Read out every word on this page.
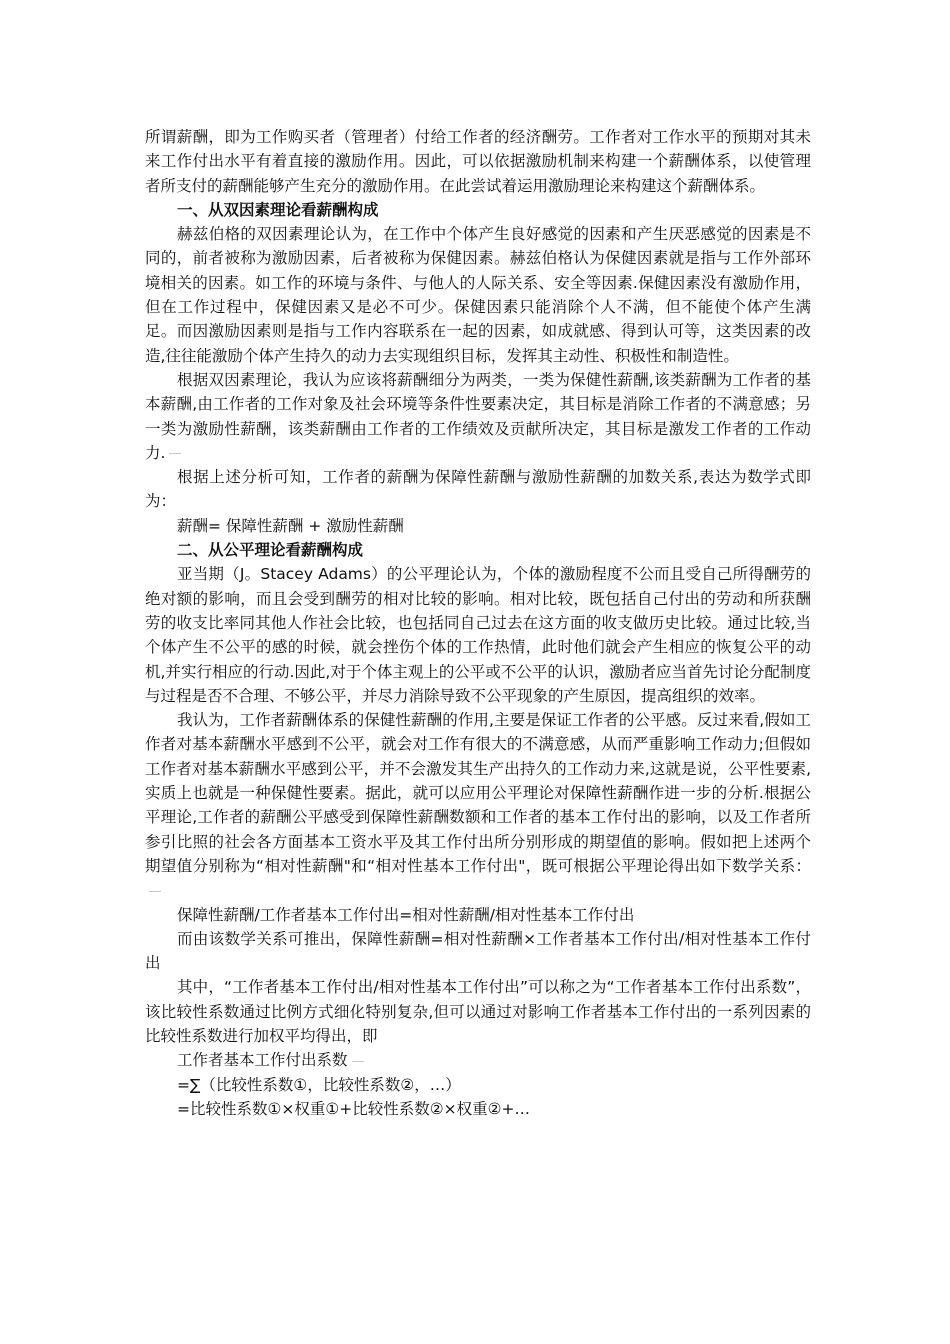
所谓薪酬，即为工作购买者（管理者）付给工作者的经济酬劳。工作者对工作水平的预期对其未来工作付出水平有着直接的激励作用。因此，可以依据激励机制来构建一个薪酬体系，以使管理者所支付的薪酬能够产生充分的激励作用。在此尝试着运用激励理论来构建这个薪酬体系。

一、从双因素理论看薪酬构成

赫兹伯格的双因素理论认为，在工作中个体产生良好感觉的因素和产生厌恶感觉的因素是不同的，前者被称为激励因素，后者被称为保健因素。赫兹伯格认为保健因素就是指与工作外部环境相关的因素。如工作的环境与条件、与他人的人际关系、安全等因素.保健因素没有激励作用，但在工作过程中，保健因素又是必不可少。保健因素只能消除个人不满，但不能使个体产生满足。而因激励因素则是指与工作内容联系在一起的因素，如成就感、得到认可等，这类因素的改造,往往能激励个体产生持久的动力去实现组织目标，发挥其主动性、积极性和制造性。

根据双因素理论，我认为应该将薪酬细分为两类，一类为保健性薪酬,该类薪酬为工作者的基本薪酬,由工作者的工作对象及社会环境等条件性要素决定，其目标是消除工作者的不满意感；另一类为激励性薪酬，该类薪酬由工作者的工作绩效及贡献所决定，其目标是激发工作者的工作动力.

根据上述分析可知，工作者的薪酬为保障性薪酬与激励性薪酬的加数关系,表达为数学式即为：

薪酬= 保障性薪酬 + 激励性薪酬

二、从公平理论看薪酬构成

亚当期（J。Stacey Adams）的公平理论认为，个体的激励程度不公而且受自己所得酬劳的绝对额的影响，而且会受到酬劳的相对比较的影响。相对比较，既包括自己付出的劳动和所获酬劳的收支比率同其他人作社会比较，也包括同自己过去在这方面的收支做历史比较。通过比较,当个体产生不公平的感的时候，就会挫伤个体的工作热情，此时他们就会产生相应的恢复公平的动机,并实行相应的行动.因此,对于个体主观上的公平或不公平的认识，激励者应当首先讨论分配制度与过程是否不合理、不够公平，并尽力消除导致不公平现象的产生原因，提高组织的效率。

我认为，工作者薪酬体系的保健性薪酬的作用,主要是保证工作者的公平感。反过来看,假如工作者对基本薪酬水平感到不公平，就会对工作有很大的不满意感，从而严重影响工作动力;但假如工作者对基本薪酬水平感到公平，并不会激发其生产出持久的工作动力来,这就是说，公平性要素,实质上也就是一种保健性要素。据此，就可以应用公平理论对保障性薪酬作进一步的分析.根据公平理论,工作者的薪酬公平感受到保障性薪酬数额和工作者的基本工作付出的影响，以及工作者所参引比照的社会各方面基本工资水平及其工作付出所分别形成的期望值的影响。假如把上述两个期望值分别称为“相对性薪酬"和“相对性基本工作付出"，既可根据公平理论得出如下数学关系：

保障性薪酬/工作者基本工作付出=相对性薪酬/相对性基本工作付出

而由该数学关系可推出，保障性薪酬=相对性薪酬×工作者基本工作付出/相对性基本工作付出

其中，“工作者基本工作付出/相对性基本工作付出”可以称之为“工作者基本工作付出系数”，该比较性系数通过比例方式细化特别复杂,但可以通过对影响工作者基本工作付出的一系列因素的比较性系数进行加权平均得出，即

工作者基本工作付出系数

=∑（比较性系数①，比较性系数②，…）

=比较性系数①×权重①+比较性系数②×权重②+…
